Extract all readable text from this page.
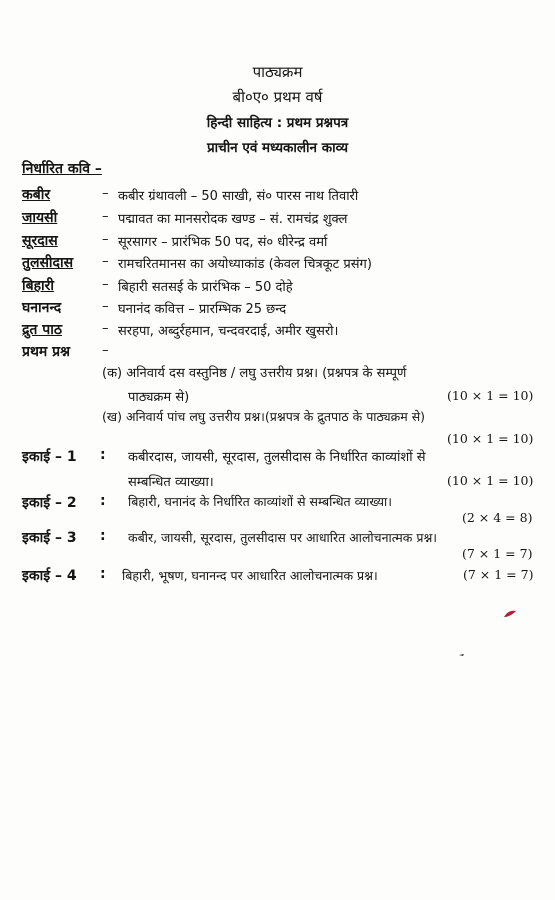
पाठ्यक्रम
बी०ए० प्रथम वर्ष
हिन्दी साहित्य : प्रथम प्रश्नपत्र
प्राचीन एवं मध्यकालीन काव्य
निर्धारित कवि –
कबीर	– कबीर ग्रंथावली – 50 साखी, सं० पारस नाथ तिवारी
जायसी	– पद्मावत का मानसरोदक खण्ड – सं. रामचंद्र शुक्ल
सूरदास	– सूरसागर – प्रारंभिक 50 पद, सं० धीरेन्द्र वर्मा
तुलसीदास – रामचरितमानस का अयोध्याकांड (केवल चित्रकूट प्रसंग)
बिहारी	– बिहारी सतसई के प्रारंभिक – 50 दोहे
घनानन्द	– घनानंद कवित्त – प्रारम्भिक 25 छन्द
द्रुत पाठ	– सरहपा, अब्दुर्रहमान, चन्दवरदाई, अमीर खुसरो।
प्रथम प्रश्न –
(क) अनिवार्य दस वस्तुनिष्ठ / लघु उत्तरीय प्रश्न। (प्रश्नपत्र के सम्पूर्ण
पाठ्यक्रम से)	(10 × 1 = 10)
(ख) अनिवार्य पांच लघु उत्तरीय प्रश्न।(प्रश्नपत्र के द्रुतपाठ के पाठ्यक्रम से)
(10 × 1 = 10)
इकाई – 1 : कबीरदास, जायसी, सूरदास, तुलसीदास के निर्धारित काव्यांशों से
सम्बन्धित व्याख्या।	(10 × 1 = 10)
इकाई – 2 : बिहारी, घनानंद के निर्धारित काव्यांशों से सम्बन्धित व्याख्या।
(2 × 4 = 8)
इकाई – 3 : कबीर, जायसी, सूरदास, तुलसीदास पर आधारित आलोचनात्मक प्रश्न।
(7 × 1 = 7)
इकाई – 4 : बिहारी, भूषण, घनानन्द पर आधारित आलोचनात्मक प्रश्न।	(7 × 1 = 7)
